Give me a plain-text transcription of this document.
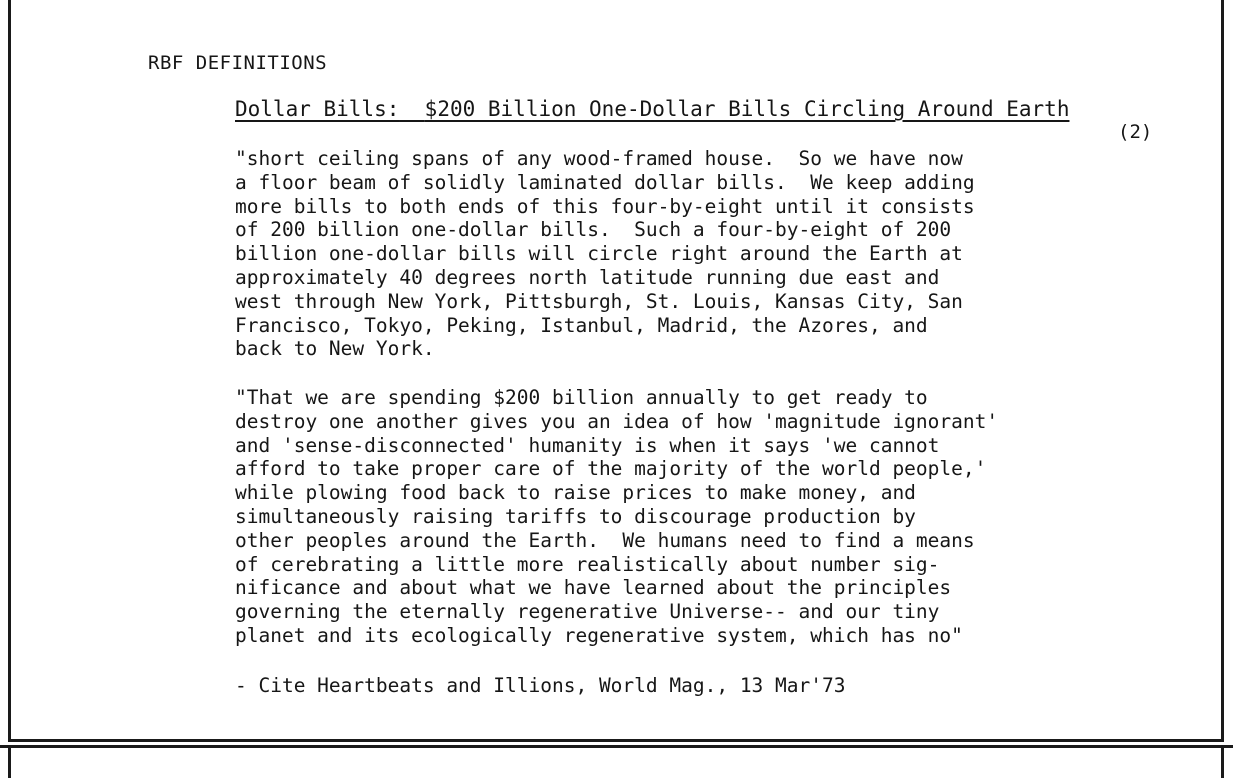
RBF DEFINITIONS
Dollar Bills: $200 Billion One-Dollar Bills Circling Around Earth
(2)

"short ceiling spans of any wood-framed house.  So we have now
a floor beam of solidly laminated dollar bills.  We keep adding
more bills to both ends of this four-by-eight until it consists
of 200 billion one-dollar bills.  Such a four-by-eight of 200
billion one-dollar bills will circle right around the Earth at
approximately 40 degrees north latitude running due east and
west through New York, Pittsburgh, St. Louis, Kansas City, San
Francisco, Tokyo, Peking, Istanbul, Madrid, the Azores, and
back to New York.

"That we are spending $200 billion annually to get ready to
destroy one another gives you an idea of how 'magnitude ignorant'
and 'sense-disconnected' humanity is when it says 'we cannot
afford to take proper care of the majority of the world people,'
while plowing food back to raise prices to make money, and
simultaneously raising tariffs to discourage production by
other peoples around the Earth.  We humans need to find a means
of cerebrating a little more realistically about number sig-
nificance and about what we have learned about the principles
governing the eternally regenerative Universe-- and our tiny
planet and its ecologically regenerative system, which has no"

- Cite Heartbeats and Illions, World Mag., 13 Mar'73
